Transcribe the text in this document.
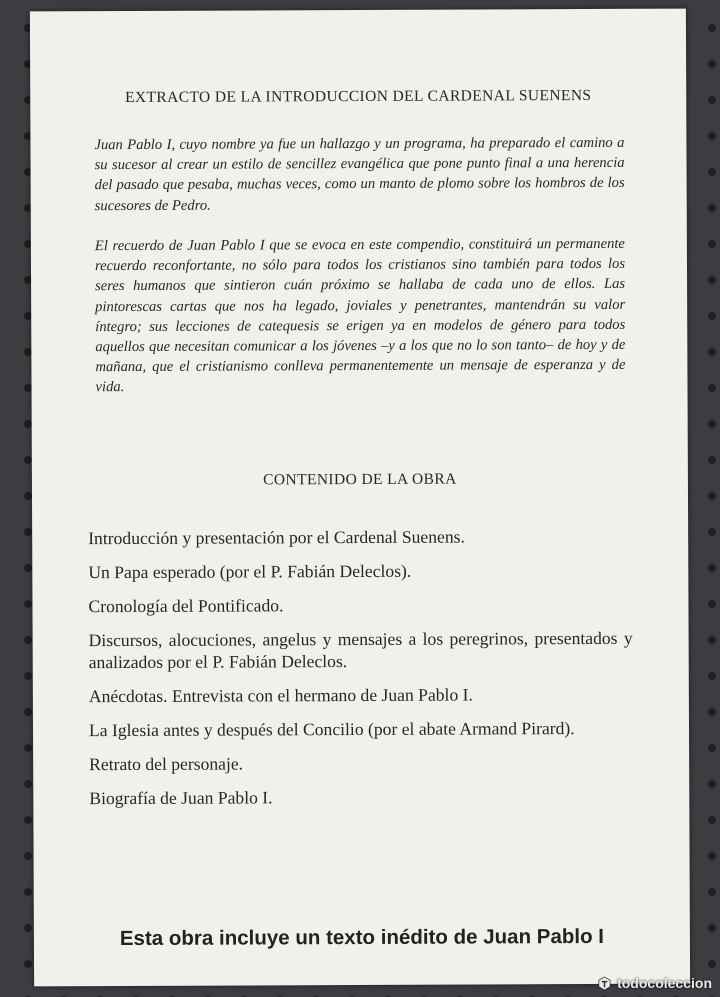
EXTRACTO DE LA INTRODUCCION DEL CARDENAL SUENENS

Juan Pablo I, cuyo nombre ya fue un hallazgo y un programa, ha preparado el camino a su sucesor al crear un estilo de sencillez evangélica que pone punto final a una herencia del pasado que pesaba, muchas veces, como un manto de plomo sobre los hombros de los sucesores de Pedro.

El recuerdo de Juan Pablo I que se evoca en este compendio, constituirá un permanente recuerdo reconfortante, no sólo para todos los cristianos sino también para todos los seres humanos que sintieron cuán próximo se hallaba de cada uno de ellos. Las pintorescas cartas que nos ha legado, joviales y penetrantes, mantendrán su valor íntegro; sus lecciones de catequesis se erigen ya en modelos de género para todos aquellos que necesitan comunicar a los jóvenes –y a los que no lo son tanto– de hoy y de mañana, que el cristianismo conlleva permanentemente un mensaje de esperanza y de vida.

CONTENIDO DE LA OBRA
Introducción y presentación por el Cardenal Suenens.
Un Papa esperado (por el P. Fabián Deleclos).
Cronología del Pontificado.
Discursos, alocuciones, angelus y mensajes a los peregrinos, presentados y analizados por el P. Fabián Deleclos.
Anécdotas. Entrevista con el hermano de Juan Pablo I.
La Iglesia antes y después del Concilio (por el abate Armand Pirard).
Retrato del personaje.
Biografía de Juan Pablo I.
Esta obra incluye un texto inédito de Juan Pablo I
todocoleccion
